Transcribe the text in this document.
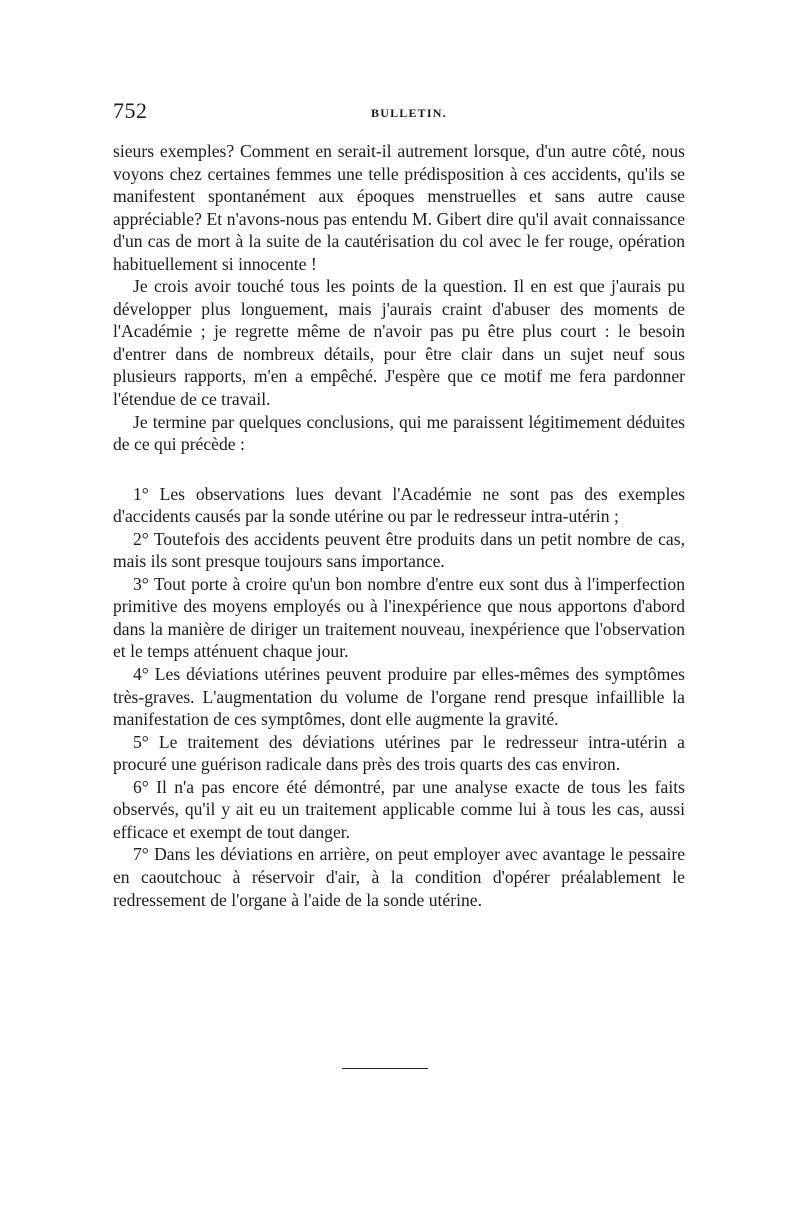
752	BULLETIN.

sieurs exemples? Comment en serait-il autrement lorsque, d'un autre côté, nous voyons chez certaines femmes une telle prédisposition à ces accidents, qu'ils se manifestent spontanément aux époques menstruelles et sans autre cause appréciable? Et n'avons-nous pas entendu M. Gibert dire qu'il avait connaissance d'un cas de mort à la suite de la cautérisation du col avec le fer rouge, opération habituellement si innocente !

Je crois avoir touché tous les points de la question. Il en est que j'aurais pu développer plus longuement, mais j'aurais craint d'abuser des moments de l'Académie ; je regrette même de n'avoir pas pu être plus court : le besoin d'entrer dans de nombreux détails, pour être clair dans un sujet neuf sous plusieurs rapports, m'en a empêché. J'espère que ce motif me fera pardonner l'étendue de ce travail.

Je termine par quelques conclusions, qui me paraissent légitimement déduites de ce qui précède :

1° Les observations lues devant l'Académie ne sont pas des exemples d'accidents causés par la sonde utérine ou par le redresseur intra-utérin ;

2° Toutefois des accidents peuvent être produits dans un petit nombre de cas, mais ils sont presque toujours sans importance.

3° Tout porte à croire qu'un bon nombre d'entre eux sont dus à l'imperfection primitive des moyens employés ou à l'inexpérience que nous apportons d'abord dans la manière de diriger un traitement nouveau, inexpérience que l'observation et le temps atténuent chaque jour.

4° Les déviations utérines peuvent produire par elles-mêmes des symptômes très-graves. L'augmentation du volume de l'organe rend presque infaillible la manifestation de ces symptômes, dont elle augmente la gravité.

5° Le traitement des déviations utérines par le redresseur intra-utérin a procuré une guérison radicale dans près des trois quarts des cas environ.

6° Il n'a pas encore été démontré, par une analyse exacte de tous les faits observés, qu'il y ait eu un traitement applicable comme lui à tous les cas, aussi efficace et exempt de tout danger.

7° Dans les déviations en arrière, on peut employer avec avantage le pessaire en caoutchouc à réservoir d'air, à la condition d'opérer préalablement le redressement de l'organe à l'aide de la sonde utérine.
